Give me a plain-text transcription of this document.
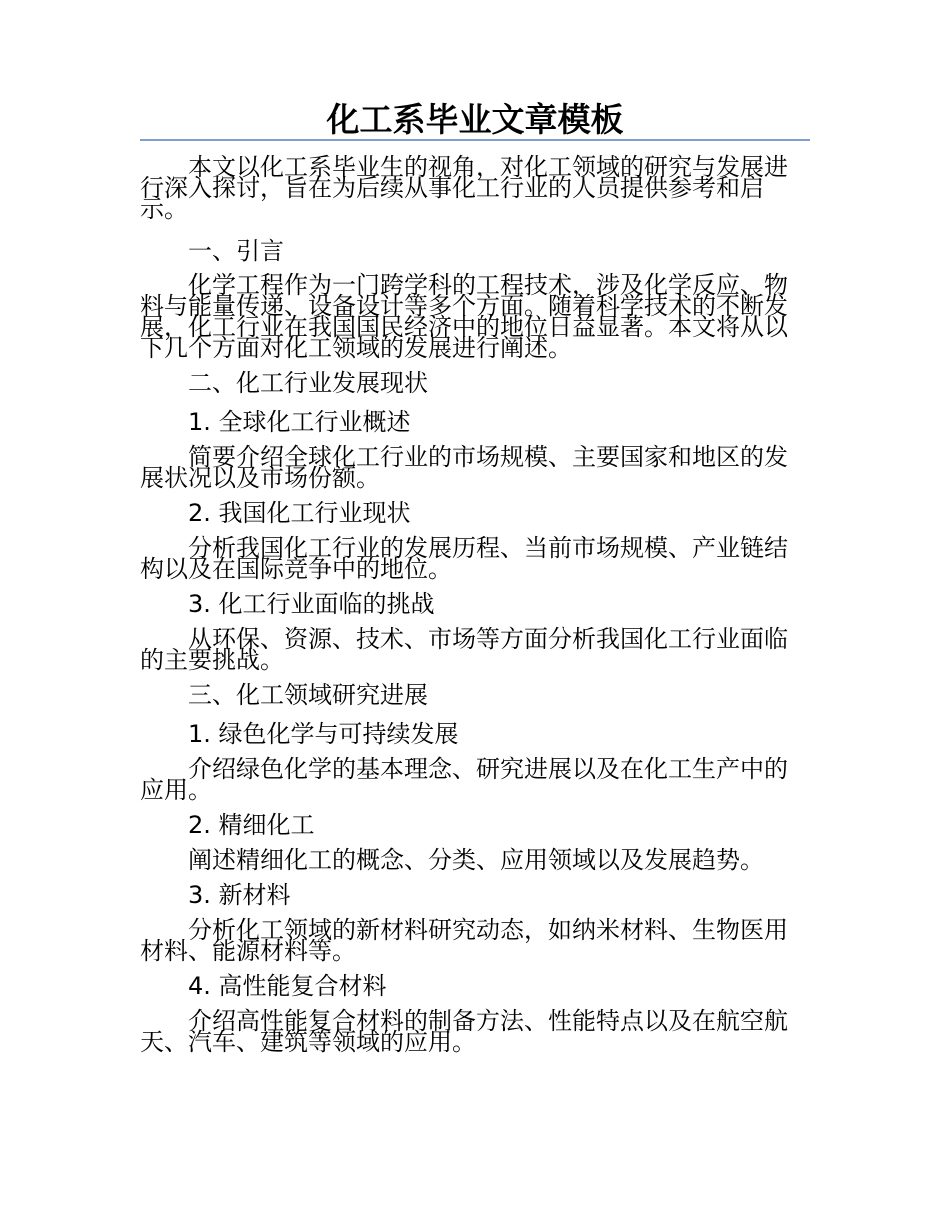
化工系毕业文章模板

本文以化工系毕业生的视角，对化工领域的研究与发展进行深入探讨，旨在为后续从事化工行业的人员提供参考和启示。

一、引言

化学工程作为一门跨学科的工程技术，涉及化学反应、物料与能量传递、设备设计等多个方面。随着科学技术的不断发展，化工行业在我国国民经济中的地位日益显著。本文将从以下几个方面对化工领域的发展进行阐述。

二、化工行业发展现状

1. 全球化工行业概述

简要介绍全球化工行业的市场规模、主要国家和地区的发展状况以及市场份额。

2. 我国化工行业现状

分析我国化工行业的发展历程、当前市场规模、产业链结构以及在国际竞争中的地位。

3. 化工行业面临的挑战

从环保、资源、技术、市场等方面分析我国化工行业面临的主要挑战。

三、化工领域研究进展

1. 绿色化学与可持续发展

介绍绿色化学的基本理念、研究进展以及在化工生产中的应用。

2. 精细化工

阐述精细化工的概念、分类、应用领域以及发展趋势。

3. 新材料

分析化工领域的新材料研究动态，如纳米材料、生物医用材料、能源材料等。

4. 高性能复合材料

介绍高性能复合材料的制备方法、性能特点以及在航空航天、汽车、建筑等领域的应用。
